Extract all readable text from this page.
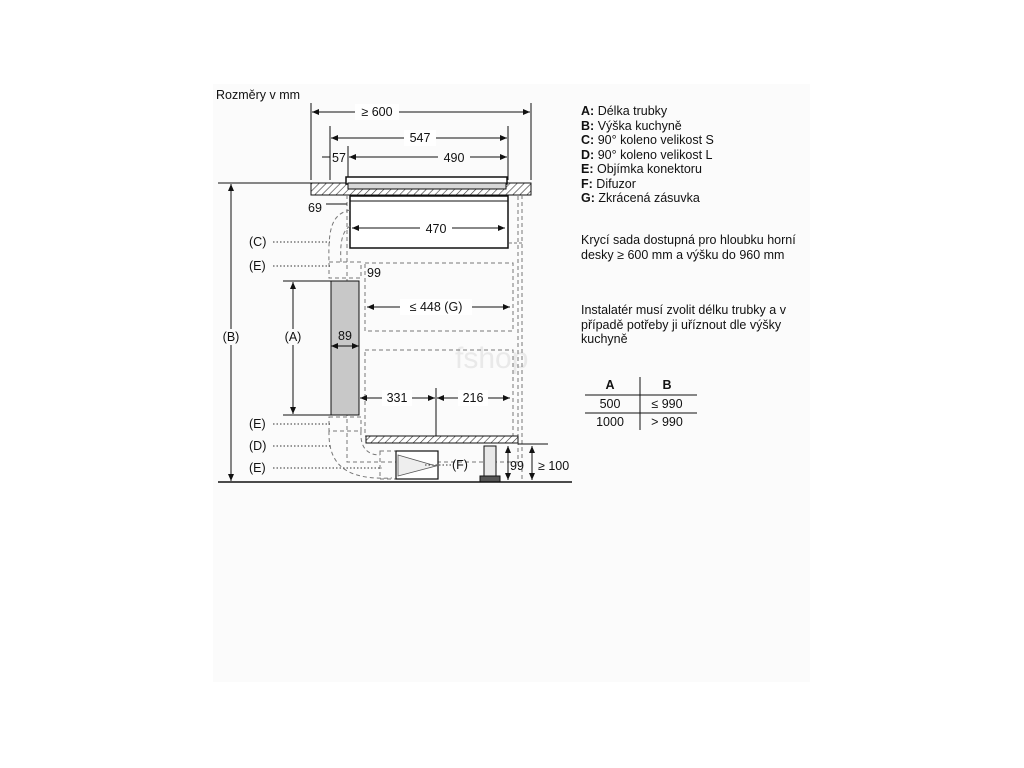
fshop
Rozměry v mm
≥ 600
547
57	490
470
69
99
≤ 448 (G)
89
331	216
99 ≥ 100
(B)	(A)
(C)
(E)
(E)
(D)
(E)	(F)
A	B
500 ≤ 990
1000 > 990
A: Délka trubky
B: Výška kuchyně
C: 90° koleno velikost S
D: 90° koleno velikost L
E: Objímka konektoru
F: Difuzor
G: Zkrácená zásuvka
Krycí sada dostupná pro hloubku horní desky ≥ 600 mm a výšku do 960 mm
Instalatér musí zvolit délku trubky a v případě potřeby ji uříznout dle výšky kuchyně
